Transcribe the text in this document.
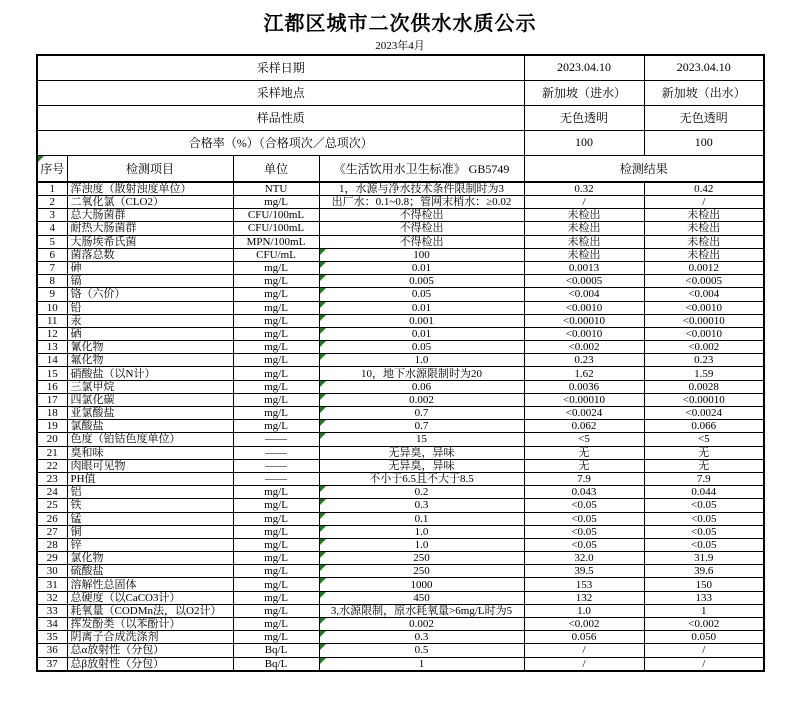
江都区城市二次供水水质公示
2023年4月
采样日期				2023.04.10	2023.04.10
采样地点				新加坡（进水）	新加坡（出水）
样品性质				无色透明	无色透明
合格率（%）（合格项次／总项次）				100	100
序号	检测项目	单位	《生活饮用水卫生标准》 GB5749	检测结果	
1	浑浊度（散射浊度单位）	NTU	1，水源与净水技术条件限制时为3	0.32	0.42
2	二氧化氯（CLO2）	mg/L	出厂水：0.1~0.8；管网末梢水：≥0.02	/	/
3	总大肠菌群	CFU/100mL	不得检出	未检出	未检出
4	耐热大肠菌群	CFU/100mL	不得检出	未检出	未检出
5	大肠埃希氏菌	MPN/100mL	不得检出	未检出	未检出
6	菌落总数	CFU/mL	100	未检出	未检出
7	砷	mg/L	0.01	0.0013	0.0012
8	镉	mg/L	0.005	<0.0005	<0.0005
9	铬（六价）	mg/L	0.05	<0.004	<0.004
10	铅	mg/L	0.01	<0.0010	<0.0010
11	汞	mg/L	0.001	<0.00010	<0.00010
12	硒	mg/L	0.01	<0.0010	<0.0010
13	氰化物	mg/L	0.05	<0.002	<0.002
14	氟化物	mg/L	1.0	0.23	0.23
15	硝酸盐（以N计）	mg/L	10，地下水源限制时为20	1.62	1.59
16	三氯甲烷	mg/L	0.06	0.0036	0.0028
17	四氯化碳	mg/L	0.002	<0.00010	<0.00010
18	亚氯酸盐	mg/L	0.7	<0.0024	<0.0024
19	氯酸盐	mg/L	0.7	0.062	0.066
20	色度（铂钴色度单位）	——	15	<5	<5
21	臭和味	——	无异臭，异味	无	无
22	肉眼可见物	——	无异臭，异味	无	无
23	PH值	——	不小于6.5且不大于8.5	7.9	7.9
24	铝	mg/L	0.2	0.043	0.044
25	铁	mg/L	0.3	<0.05	<0.05
26	锰	mg/L	0.1	<0.05	<0.05
27	铜	mg/L	1.0	<0.05	<0.05
28	锌	mg/L	1.0	<0.05	<0.05
29	氯化物	mg/L	250	32.0	31.9
30	硫酸盐	mg/L	250	39.5	39.6
31	溶解性总固体	mg/L	1000	153	150
32	总硬度（以CaCO3计）	mg/L	450	132	133
33	耗氧量（CODMn法，以O2计）	mg/L	3,水源限制，原水耗氧量>6mg/L时为5	1.0	1
34	挥发酚类（以苯酚计）	mg/L	0.002	<0.002	<0.002
35	阴离子合成洗涤剂	mg/L	0.3	0.056	0.050
36	总α放射性（分包）	Bq/L	0.5	/	/
37	总β放射性（分包）	Bq/L	1	/	/
